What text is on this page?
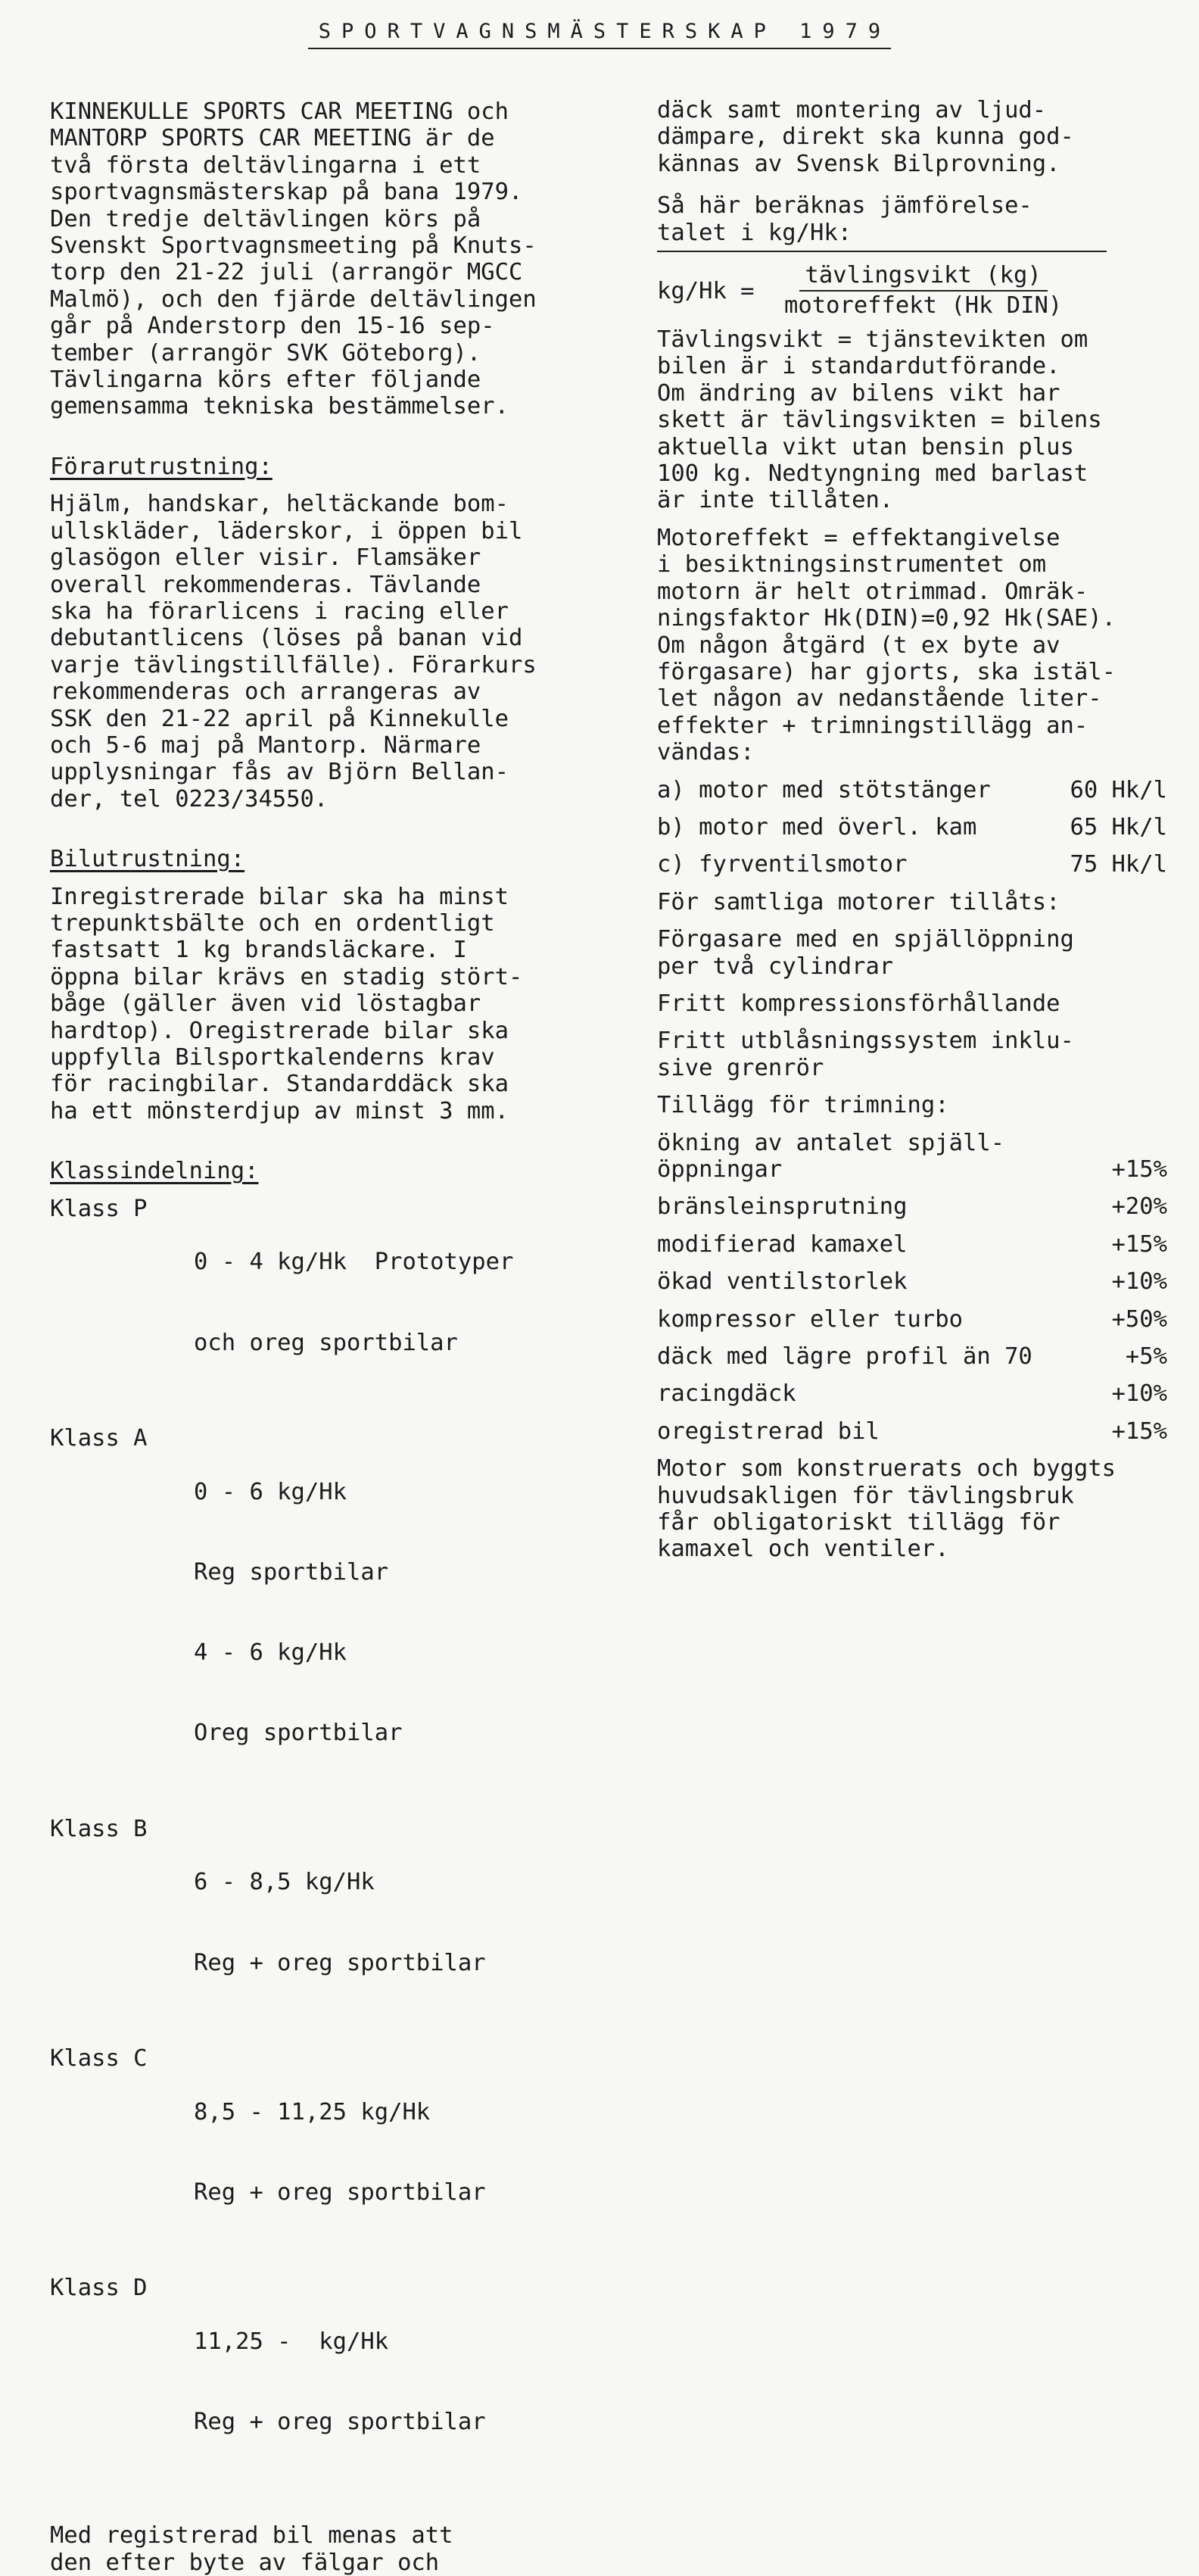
SPORTVAGNSMÄSTERSKAP 1979
KINNEKULLE SPORTS CAR MEETING och
MANTORP SPORTS CAR MEETING är de
två första deltävlingarna i ett
sportvagnsmästerskap på bana 1979.
Den tredje deltävlingen körs på
Svenskt Sportvagnsmeeting på Knuts-
torp den 21-22 juli (arrangör MGCC
Malmö), och den fjärde deltävlingen
går på Anderstorp den 15-16 sep-
tember (arrangör SVK Göteborg).
Tävlingarna körs efter följande
gemensamma tekniska bestämmelser.
Förarutrustning:
Hjälm, handskar, heltäckande bom-
ullskläder, läderskor, i öppen bil
glasögon eller visir. Flamsäker
overall rekommenderas. Tävlande
ska ha förarlicens i racing eller
debutantlicens (löses på banan vid
varje tävlingstillfälle). Förarkurs
rekommenderas och arrangeras av
SSK den 21-22 april på Kinnekulle
och 5-6 maj på Mantorp. Närmare
upplysningar fås av Björn Bellan-
der, tel 0223/34550.
Bilutrustning:
Inregistrerade bilar ska ha minst
trepunktsbälte och en ordentligt
fastsatt 1 kg brandsläckare. I
öppna bilar krävs en stadig stört-
båge (gäller även vid löstagbar
hardtop). Oregistrerade bilar ska
uppfylla Bilsportkalenderns krav
för racingbilar. Standarddäck ska
ha ett mönsterdjup av minst 3 mm.
Klassindelning:
Klass P

0 - 4 kg/Hk  Prototyper

och oreg sportbilar

Klass A

0 - 6 kg/Hk

Reg sportbilar

4 - 6 kg/Hk

Oreg sportbilar

Klass B

6 - 8,5 kg/Hk

Reg + oreg sportbilar

Klass C

8,5 - 11,25 kg/Hk

Reg + oreg sportbilar

Klass D

11,25 -  kg/Hk

Reg + oreg sportbilar

Med registrerad bil menas att
den efter byte av fälgar och
däck samt montering av ljud-
dämpare, direkt ska kunna god-
kännas av Svensk Bilprovning.
Så här beräknas jämförelse-
talet i kg/Hk:
kg/Hk =	$\frac{\text{tävlingsvikt (kg)}}{\text{motoreffekt (Hk DIN)}}$
Tävlingsvikt = tjänstevikten om
bilen är i standardutförande.
Om ändring av bilens vikt har
skett är tävlingsvikten = bilens
aktuella vikt utan bensin plus
100 kg. Nedtyngning med barlast
är inte tillåten.
Motoreffekt = effektangivelse
i besiktningsinstrumentet om
motorn är helt otrimmad. Omräk-
ningsfaktor Hk(DIN)=0,92 Hk(SAE).
Om någon åtgärd (t ex byte av
förgasare) har gjorts, ska istäl-
let någon av nedanstående liter-
effekter + trimningstillägg an-
vändas:
a) motor med stötstänger	60 Hk/l
b) motor med överl. kam	65 Hk/l
c) fyrventilsmotor	75 Hk/l
För samtliga motorer tillåts:
Förgasare med en spjällöppning
per två cylindrar
Fritt kompressionsförhållande
Fritt utblåsningssystem inklu-
sive grenrör
Tillägg för trimning:
ökning av antalet spjäll-
öppningar	+15%
bränsleinsprutning	+20%
modifierad kamaxel	+15%
ökad ventilstorlek	+10%
kompressor eller turbo	+50%
däck med lägre profil än 70	+5%
racingdäck	+10%
oregistrerad bil	+15%
Motor som konstruerats och byggts
huvudsakligen för tävlingsbruk
får obligatoriskt tillägg för
kamaxel och ventiler.
